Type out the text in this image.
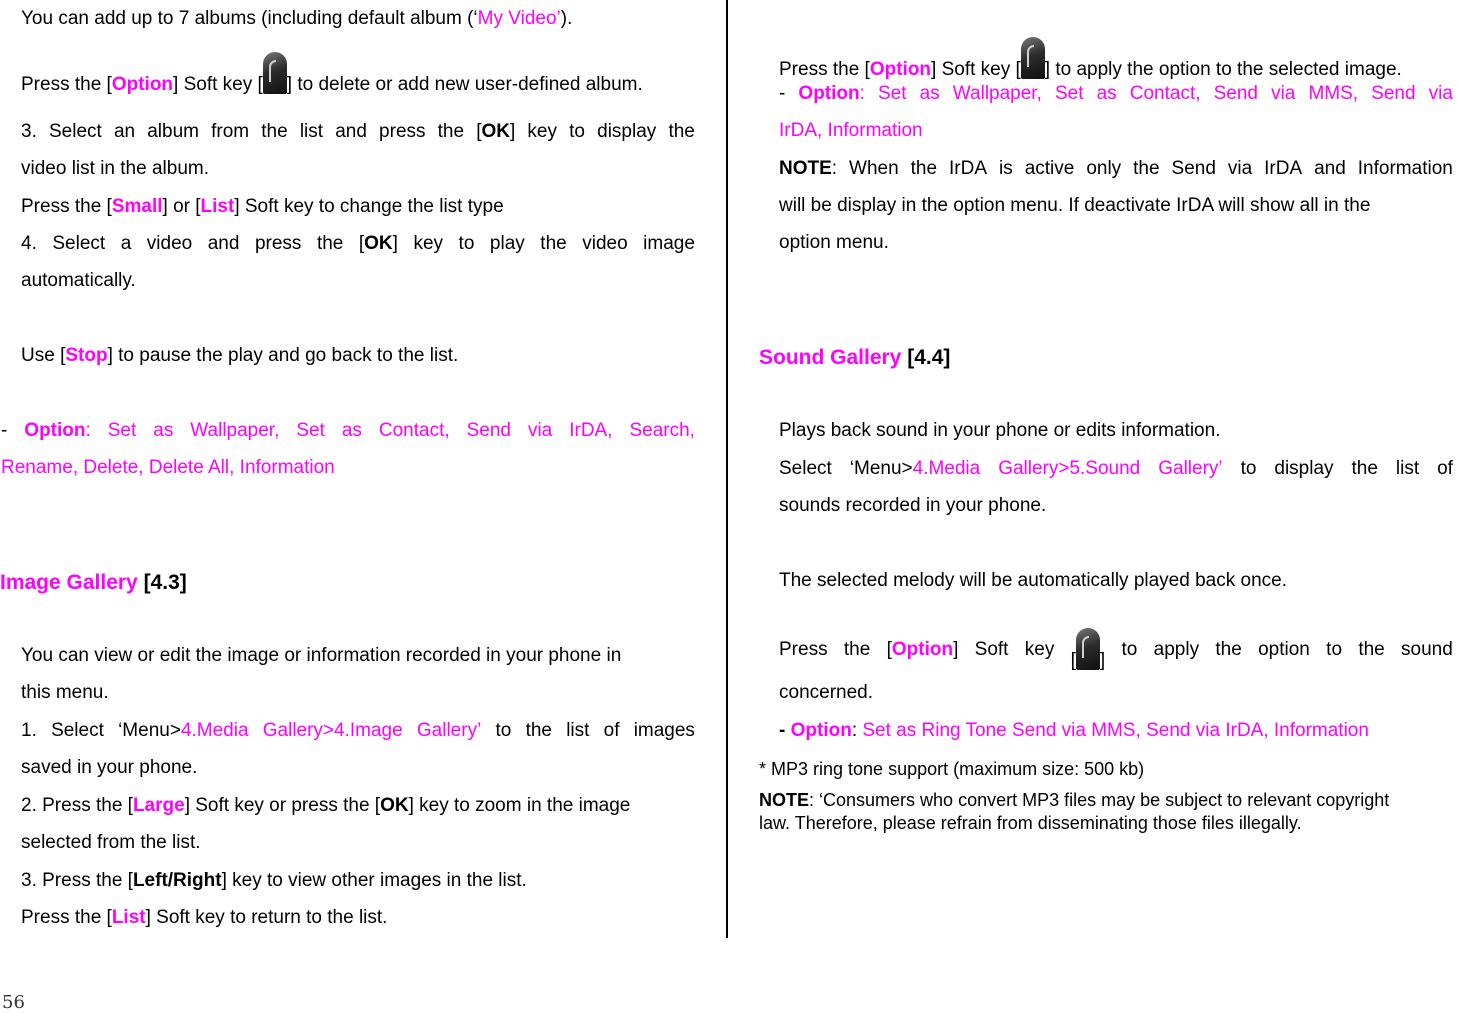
You can add up to 7 albums (including default album (‘My Video’).
Press the [Option] Soft key [ ] to delete or add new user-defined album.
3. Select an album from the list and press the [OK] key to display the
video list in the album.
Press the [Small] or [List] Soft key to change the list type
4. Select a video and press the [OK] key to play the video image
automatically.
Use [Stop] to pause the play and go back to the list.
- Option: Set as Wallpaper, Set as Contact, Send via IrDA, Search,
Rename, Delete, Delete All, Information
Image Gallery [4.3]
You can view or edit the image or information recorded in your phone in
this menu.
1. Select ‘Menu>4.Media Gallery>4.Image Gallery’ to the list of images
saved in your phone.
2. Press the [Large] Soft key or press the [OK] key to zoom in the image
selected from the list.
3. Press the [Left/Right] key to view other images in the list.
Press the [List] Soft key to return to the list.
56
Press the [Option] Soft key [ ] to apply the option to the selected image.
- Option: Set as Wallpaper, Set as Contact, Send via MMS, Send via
IrDA, Information
NOTE: When the IrDA is active only the Send via IrDA and Information
will be display in the option menu. If deactivate IrDA will show all in the
option menu.
Sound Gallery [4.4]
Plays back sound in your phone or edits information.
Select ‘Menu>4.Media Gallery>5.Sound Gallery’ to display the list of
sounds recorded in your phone.
The selected melody will be automatically played back once.
Press the [Option] Soft key
[ ]
to apply the option to the sound
concerned.
- Option: Set as Ring Tone Send via MMS, Send via IrDA, Information
* MP3 ring tone support (maximum size: 500 kb)
NOTE: ‘Consumers who convert MP3 files may be subject to relevant copyright law. Therefore, please refrain from disseminating those files illegally.
